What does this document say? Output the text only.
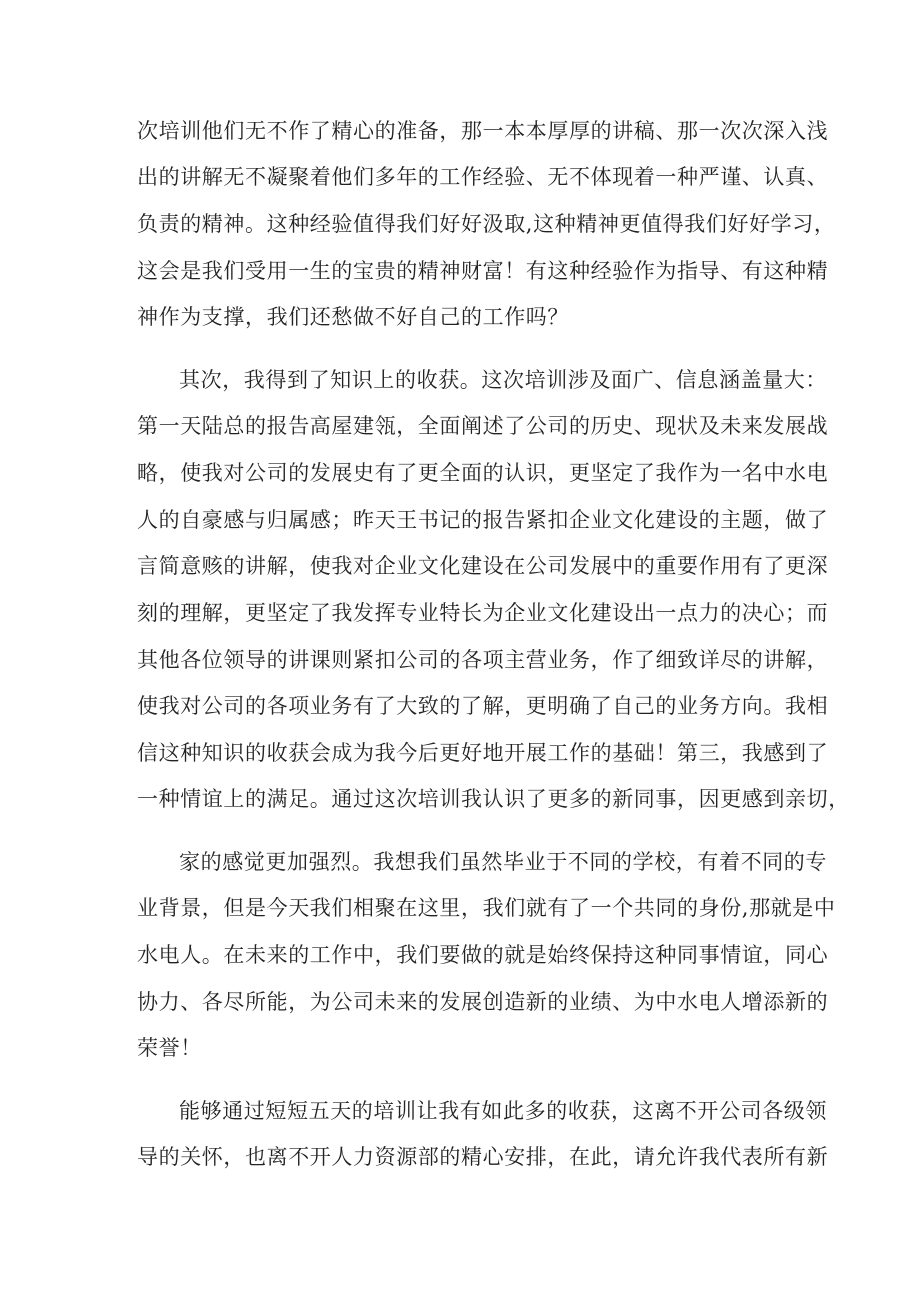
次培训他们无不作了精心的准备，那一本本厚厚的讲稿、那一次次深入浅
出的讲解无不凝聚着他们多年的工作经验、无不体现着一种严谨、认真、
负责的精神。这种经验值得我们好好汲取,这种精神更值得我们好好学习，
这会是我们受用一生的宝贵的精神财富！有这种经验作为指导、有这种精
神作为支撑，我们还愁做不好自己的工作吗？
其次，我得到了知识上的收获。这次培训涉及面广、信息涵盖量大：
第一天陆总的报告高屋建瓴，全面阐述了公司的历史、现状及未来发展战
略，使我对公司的发展史有了更全面的认识，更坚定了我作为一名中水电
人的自豪感与归属感；昨天王书记的报告紧扣企业文化建设的主题，做了
言简意赅的讲解，使我对企业文化建设在公司发展中的重要作用有了更深
刻的理解，更坚定了我发挥专业特长为企业文化建设出一点力的决心；而
其他各位领导的讲课则紧扣公司的各项主营业务，作了细致详尽的讲解，
使我对公司的各项业务有了大致的了解，更明确了自己的业务方向。我相
信这种知识的收获会成为我今后更好地开展工作的基础！第三，我感到了
一种情谊上的满足。通过这次培训我认识了更多的新同事，因更感到亲切，
家的感觉更加强烈。我想我们虽然毕业于不同的学校，有着不同的专
业背景，但是今天我们相聚在这里，我们就有了一个共同的身份,那就是中
水电人。在未来的工作中，我们要做的就是始终保持这种同事情谊，同心
协力、各尽所能，为公司未来的发展创造新的业绩、为中水电人增添新的
荣誉！
能够通过短短五天的培训让我有如此多的收获，这离不开公司各级领
导的关怀，也离不开人力资源部的精心安排，在此，请允许我代表所有新
